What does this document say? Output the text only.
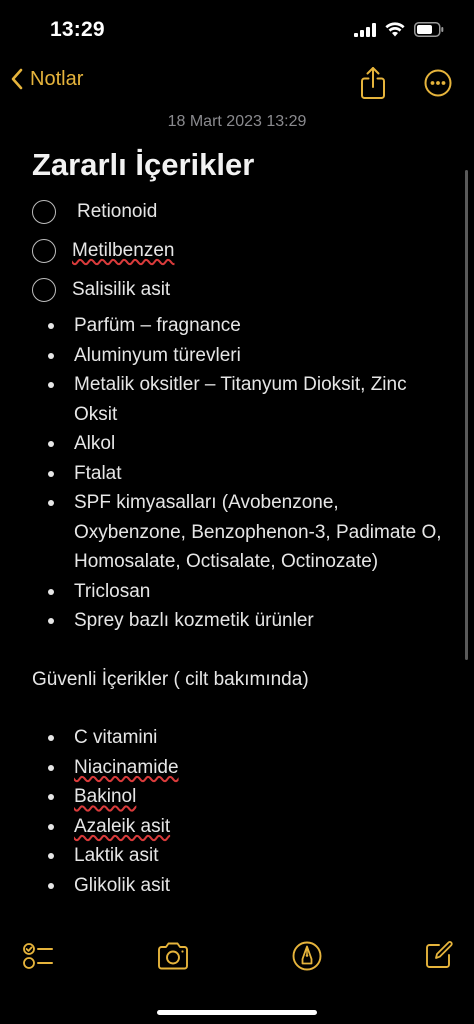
13:29
Notlar
18 Mart 2023 13:29
Zararlı İçerikler
Retionoid
Metilbenzen
Salisilik asit
Parfüm – fragnance
Aluminyum türevleri
Metalik oksitler – Titanyum Dioksit, Zinc Oksit
Alkol
Ftalat
SPF kimyasalları (Avobenzone, Oxybenzone, Benzophenon-3, Padimate O, Homosalate, Octisalate, Octinozate)
Triclosan
Sprey bazlı kozmetik ürünler
Güvenli İçerikler ( cilt bakımında)
C vitamini
Niacinamide
Bakinol
Azaleik asit
Laktik asit
Glikolik asit
